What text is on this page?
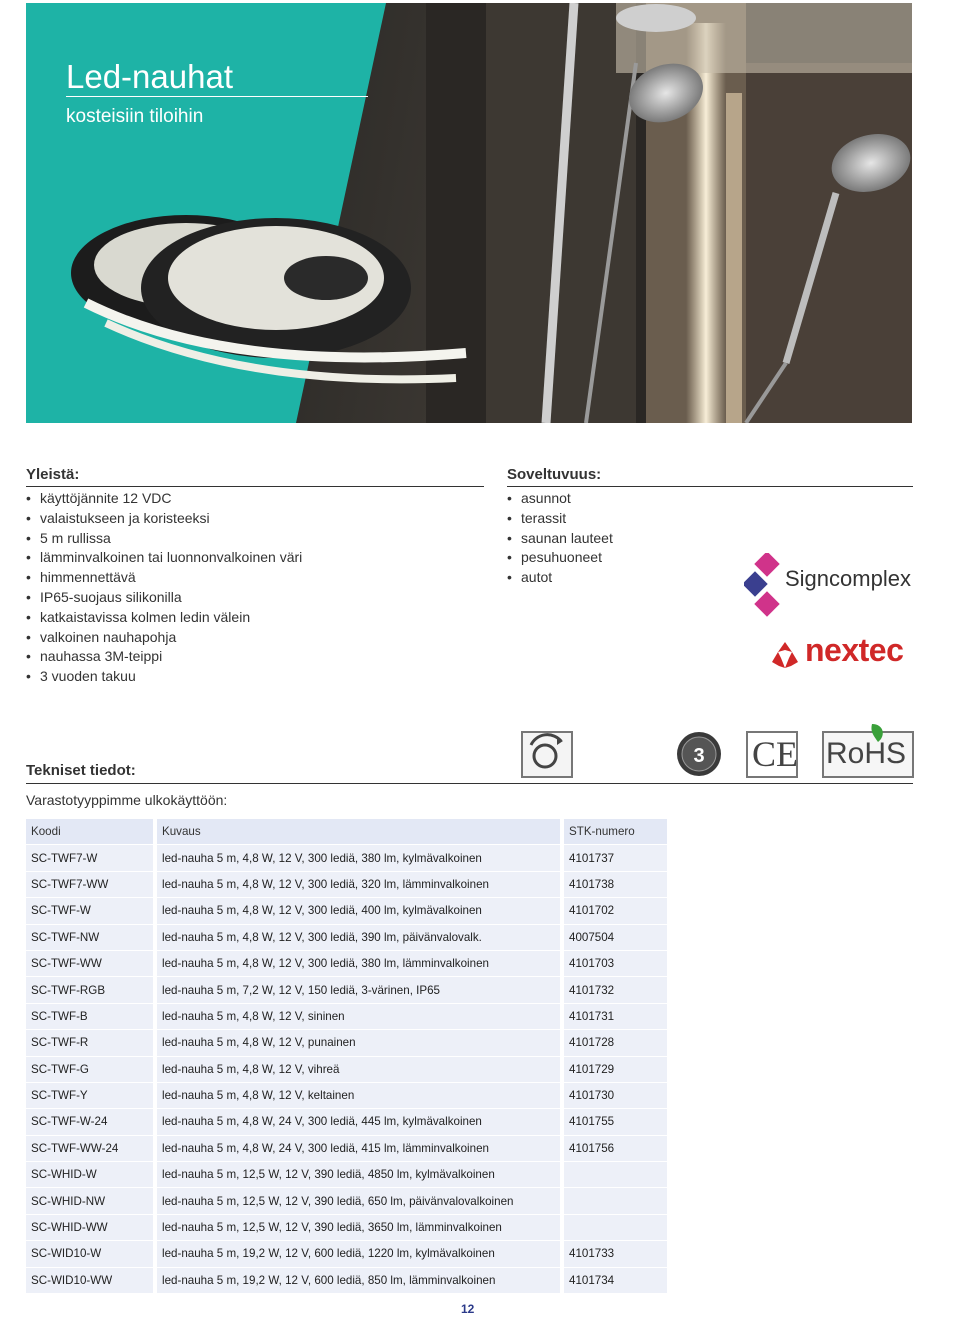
Led-nauhat
kosteisiin tiloihin
Yleistä:
• käyttöjännite 12 VDC
• valaistukseen ja koristeeksi
• 5 m rullissa
• lämminvalkoinen tai luonnonvalkoinen väri
• himmennettävä
• IP65-suojaus silikonilla
• katkaistavissa kolmen ledin välein
• valkoinen nauhapohja
• nauhassa 3M-teippi
• 3 vuoden takuu
Soveltuvuus:
• asunnot
• terassit
• saunan lauteet
• pesuhuoneet
• autot	Signcomplex
nextec
Tekniset tiedot:
3 CE RoHS
Varastotyyppimme ulkokäyttöön:
Koodi	Kuvaus	STK-numero
SC-TWF7-W	led-nauha 5 m, 4,8 W, 12 V, 300 lediä, 380 lm, kylmävalkoinen	4101737
SC-TWF7-WW	led-nauha 5 m, 4,8 W, 12 V, 300 lediä, 320 lm, lämminvalkoinen	4101738
SC-TWF-W	led-nauha 5 m, 4,8 W, 12 V, 300 lediä, 400 lm, kylmävalkoinen	4101702
SC-TWF-NW	led-nauha 5 m, 4,8 W, 12 V, 300 lediä, 390 lm, päivänvalovalk.	4007504
SC-TWF-WW	led-nauha 5 m, 4,8 W, 12 V, 300 lediä, 380 lm, lämminvalkoinen	4101703
SC-TWF-RGB	led-nauha 5 m, 7,2 W, 12 V, 150 lediä, 3-värinen, IP65	4101732
SC-TWF-B	led-nauha 5 m, 4,8 W, 12 V, sininen	4101731
SC-TWF-R	led-nauha 5 m, 4,8 W, 12 V, punainen	4101728
SC-TWF-G	led-nauha 5 m, 4,8 W, 12 V, vihreä	4101729
SC-TWF-Y	led-nauha 5 m, 4,8 W, 12 V, keltainen	4101730
SC-TWF-W-24	led-nauha 5 m, 4,8 W, 24 V, 300 lediä, 445 lm, kylmävalkoinen	4101755
SC-TWF-WW-24	led-nauha 5 m, 4,8 W, 24 V, 300 lediä, 415 lm, lämminvalkoinen	4101756
SC-WHID-W	led-nauha 5 m, 12,5 W, 12 V, 390 lediä, 4850 lm, kylmävalkoinen	
SC-WHID-NW	led-nauha 5 m, 12,5 W, 12 V, 390 lediä, 650 lm, päivänvalovalkoinen	
SC-WHID-WW	led-nauha 5 m, 12,5 W, 12 V, 390 lediä, 3650 lm, lämminvalkoinen	
SC-WID10-W	led-nauha 5 m, 19,2 W, 12 V, 600 lediä, 1220 lm, kylmävalkoinen	4101733
SC-WID10-WW	led-nauha 5 m, 19,2 W, 12 V, 600 lediä, 850 lm, lämminvalkoinen	4101734
12
